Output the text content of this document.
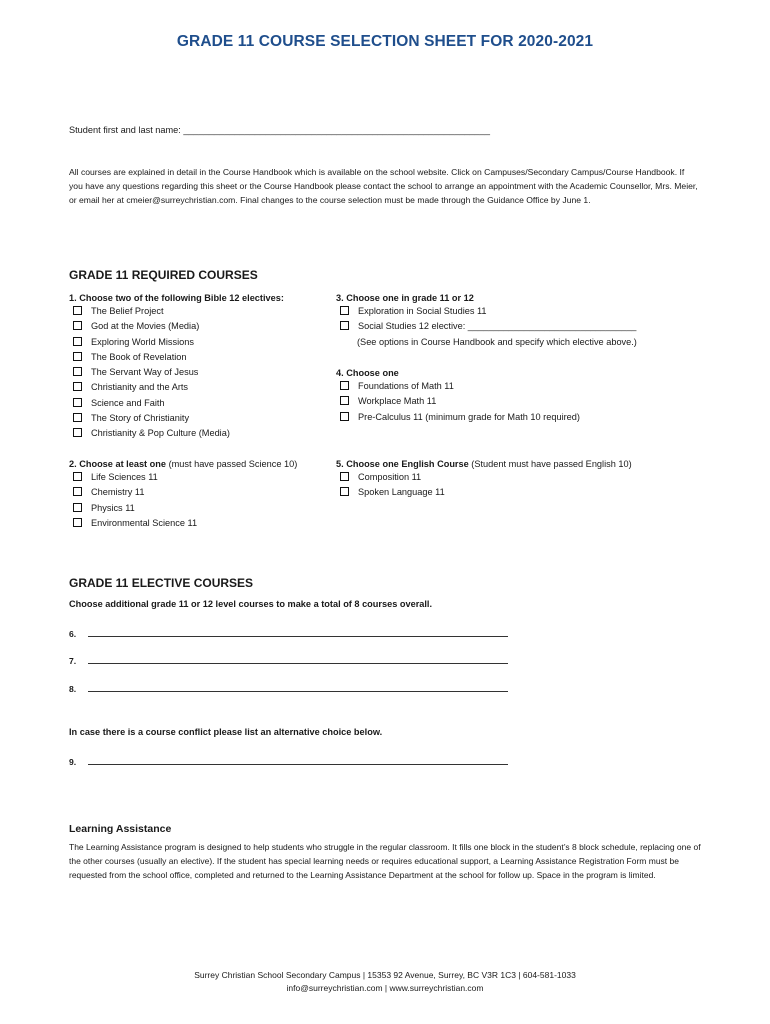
GRADE 11 COURSE SELECTION SHEET FOR 2020-2021
Student first and last name: ____________________________________________________________
All courses are explained in detail in the Course Handbook which is available on the school website. Click on Campuses/Secondary Campus/Course Handbook. If you have any questions regarding this sheet or the Course Handbook please contact the school to arrange an appointment with the Academic Counsellor, Mrs. Meier, or email her at cmeier@surreychristian.com. Final changes to the course selection must be made through the Guidance Office by June 1.
GRADE 11 REQUIRED COURSES
1. Choose two of the following Bible 12 electives:
The Belief Project
God at the Movies (Media)
Exploring World Missions
The Book of Revelation
The Servant Way of Jesus
Christianity and the Arts
Science and Faith
The Story of Christianity
Christianity & Pop Culture (Media)
2. Choose at least one (must have passed Science 10)
Life Sciences 11
Chemistry 11
Physics 11
Environmental Science 11
3. Choose one in grade 11 or 12
Exploration in Social Studies 11
Social Studies 12 elective: _________________________________
(See options in Course Handbook and specify which elective above.)
4. Choose one
Foundations of Math 11
Workplace Math 11
Pre-Calculus 11 (minimum grade for Math 10 required)
5. Choose one English Course (Student must have passed English 10)
Composition 11
Spoken Language 11
GRADE 11 ELECTIVE COURSES
Choose additional grade 11 or 12 level courses to make a total of 8 courses overall.
6.
7.
8.
In case there is a course conflict please list an alternative choice below.
9.
Learning Assistance
The Learning Assistance program is designed to help students who struggle in the regular classroom. It fills one block in the student’s 8 block schedule, replacing one of the other courses (usually an elective). If the student has special learning needs or requires educational support, a Learning Assistance Registration Form must be requested from the school office, completed and returned to the Learning Assistance Department at the school for follow up. Space in the program is limited.
Surrey Christian School Secondary Campus | 15353 92 Avenue, Surrey, BC V3R 1C3 | 604-581-1033
info@surreychristian.com | www.surreychristian.com
